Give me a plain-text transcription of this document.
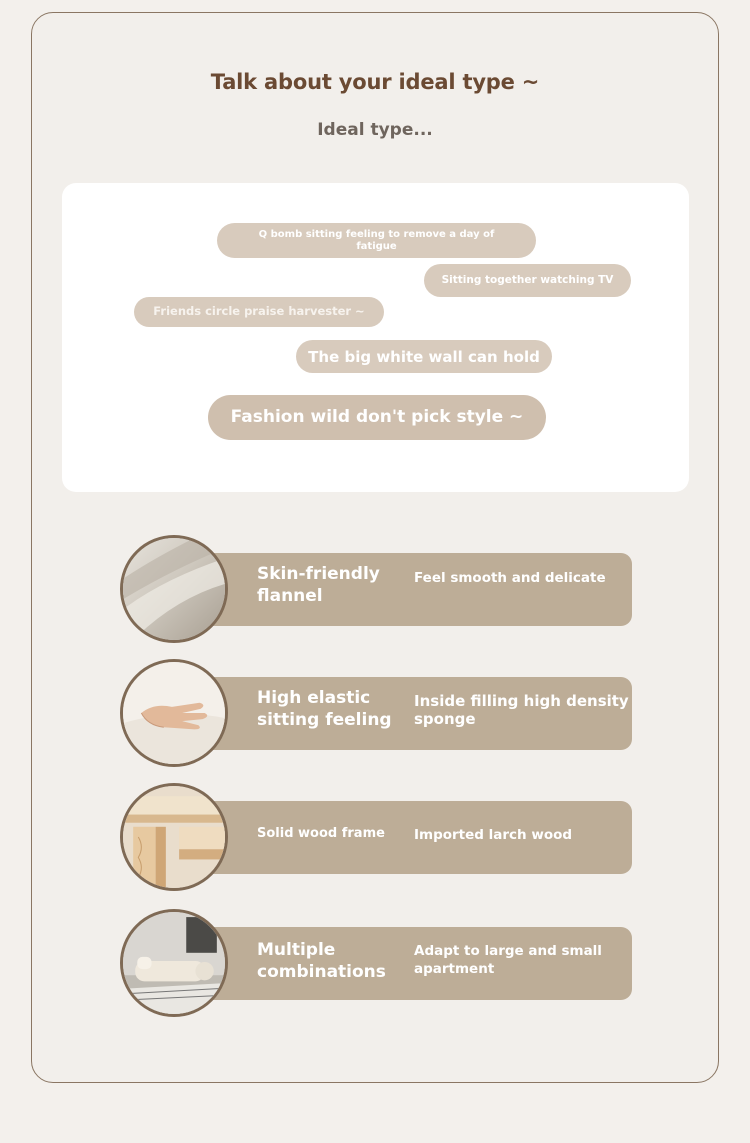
Talk about your ideal type ~
Ideal type...
Q bomb sitting feeling to remove a day of fatigue
Sitting together watching TV
Friends circle praise harvester ~
The big white wall can hold
Fashion wild don't pick style ~
Skin-friendly flannel
Feel smooth and delicate
High elastic sitting feeling
Inside filling high density sponge
Solid wood frame	Imported larch wood
Multiple combinations
Adapt to large and small apartment
